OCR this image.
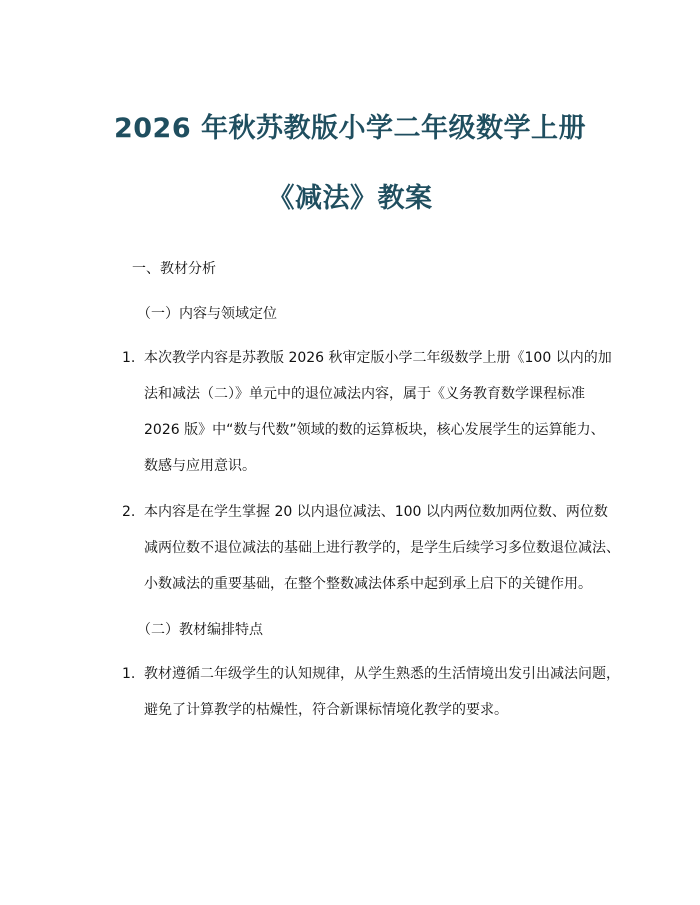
2026 年秋苏教版小学二年级数学上册
《减法》教案
一、教材分析
（一）内容与领域定位
1. 本次教学内容是苏教版 2026 秋审定版小学二年级数学上册《100 以内的加
法和减法（二）》单元中的退位减法内容，属于《义务教育数学课程标准
2026 版》中“数与代数”领域的数的运算板块，核心发展学生的运算能力、
数感与应用意识。
2. 本内容是在学生掌握 20 以内退位减法、100 以内两位数加两位数、两位数
减两位数不退位减法的基础上进行教学的，是学生后续学习多位数退位减法、
小数减法的重要基础，在整个整数减法体系中起到承上启下的关键作用。
（二）教材编排特点
1. 教材遵循二年级学生的认知规律，从学生熟悉的生活情境出发引出减法问题，
避免了计算教学的枯燥性，符合新课标情境化教学的要求。
